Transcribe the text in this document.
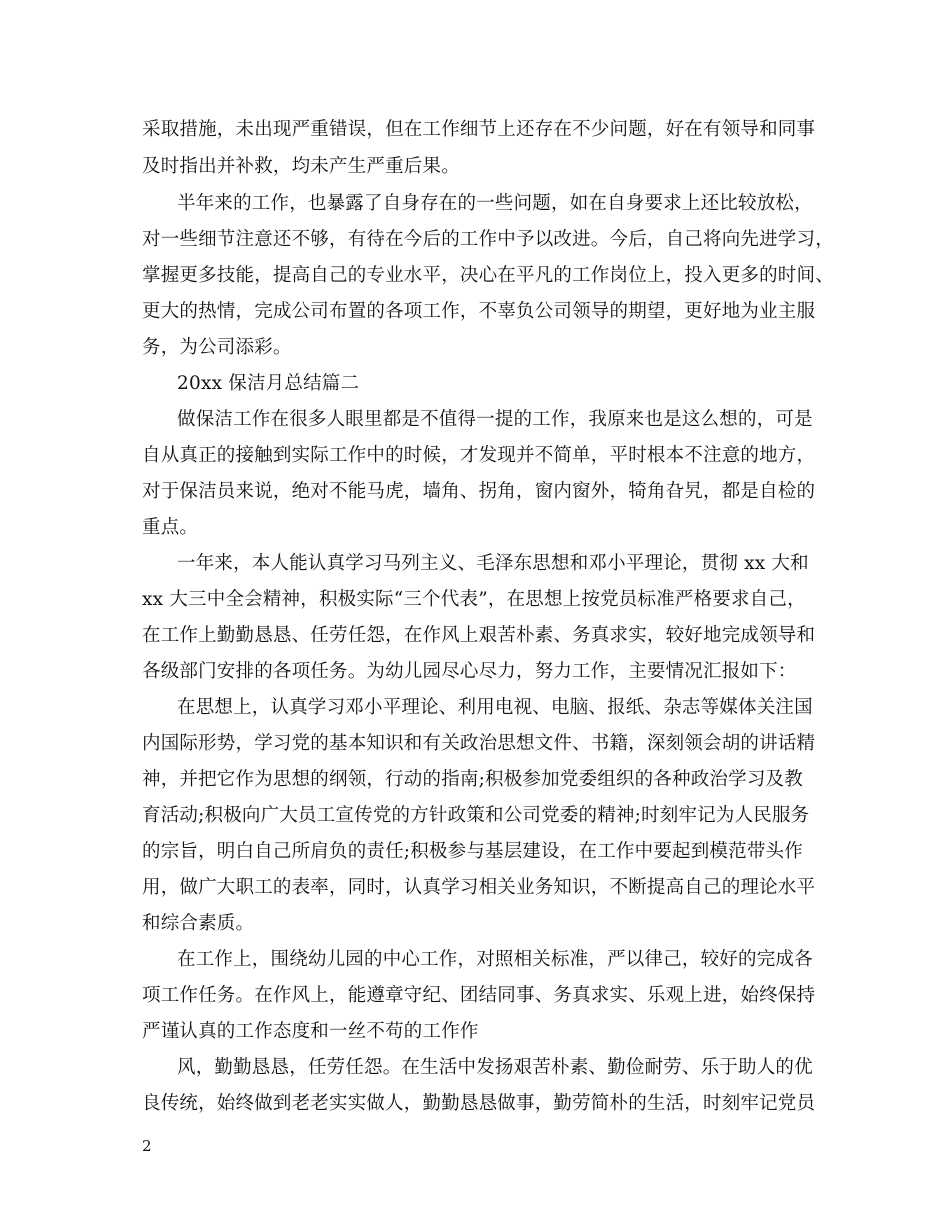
采取措施，未出现严重错误，但在工作细节上还存在不少问题，好在有领导和同事
及时指出并补救，均未产生严重后果。
半年来的工作，也暴露了自身存在的一些问题，如在自身要求上还比较放松，
对一些细节注意还不够，有待在今后的工作中予以改进。今后，自己将向先进学习，
掌握更多技能，提高自己的专业水平，决心在平凡的工作岗位上，投入更多的时间、
更大的热情，完成公司布置的各项工作，不辜负公司领导的期望，更好地为业主服
务，为公司添彩。
20xx 保洁月总结篇二
做保洁工作在很多人眼里都是不值得一提的工作，我原来也是这么想的，可是
自从真正的接触到实际工作中的时候，才发现并不简单，平时根本不注意的地方，
对于保洁员来说，绝对不能马虎，墙角、拐角，窗内窗外，犄角旮旯，都是自检的
重点。
一年来，本人能认真学习马列主义、毛泽东思想和邓小平理论，贯彻 xx 大和
xx 大三中全会精神，积极实际“三个代表”，在思想上按党员标准严格要求自己，
在工作上勤勤恳恳、任劳任怨，在作风上艰苦朴素、务真求实，较好地完成领导和
各级部门安排的各项任务。为幼儿园尽心尽力，努力工作，主要情况汇报如下：
在思想上，认真学习邓小平理论、利用电视、电脑、报纸、杂志等媒体关注国
内国际形势，学习党的基本知识和有关政治思想文件、书籍，深刻领会胡的讲话精
神，并把它作为思想的纲领，行动的指南;积极参加党委组织的各种政治学习及教
育活动;积极向广大员工宣传党的方针政策和公司党委的精神;时刻牢记为人民服务
的宗旨，明白自己所肩负的责任;积极参与基层建设，在工作中要起到模范带头作
用，做广大职工的表率，同时，认真学习相关业务知识，不断提高自己的理论水平
和综合素质。
在工作上，围绕幼儿园的中心工作，对照相关标准，严以律己，较好的完成各
项工作任务。在作风上，能遵章守纪、团结同事、务真求实、乐观上进，始终保持
严谨认真的工作态度和一丝不苟的工作作
风，勤勤恳恳，任劳任怨。在生活中发扬艰苦朴素、勤俭耐劳、乐于助人的优
良传统，始终做到老老实实做人，勤勤恳恳做事，勤劳简朴的生活，时刻牢记党员
2
